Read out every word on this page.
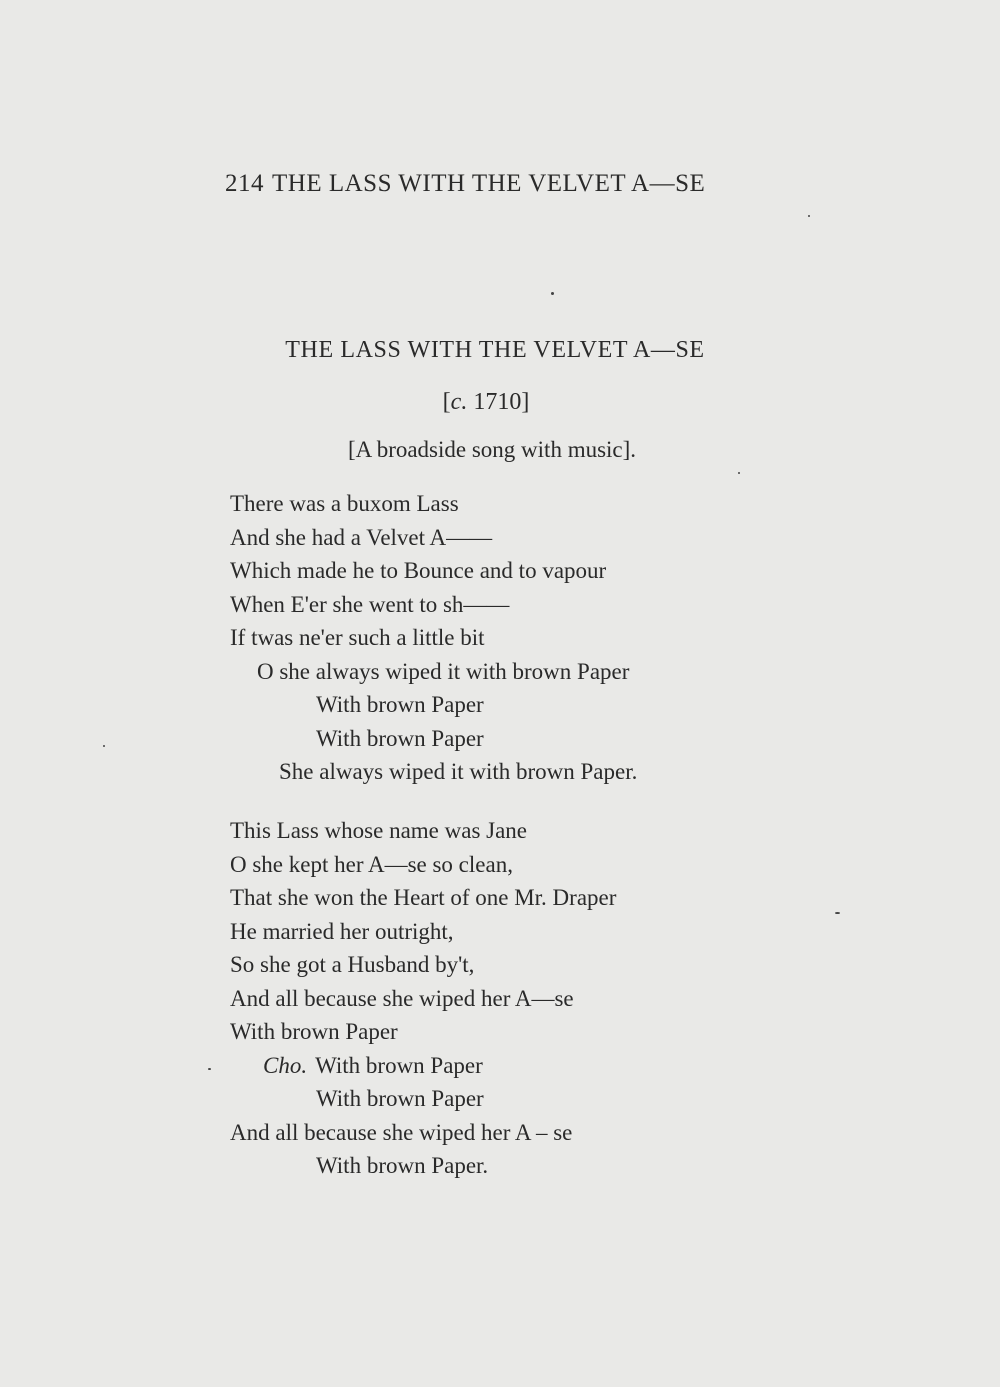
214 THE LASS WITH THE VELVET A—SE
THE LASS WITH THE VELVET A—SE
[c. 1710]
[A broadside song with music].
There was a buxom Lass
And she had a Velvet A——
Which made he to Bounce and to vapour
When E'er she went to sh——
If twas ne'er such a little bit
O she always wiped it with brown Paper
With brown Paper
With brown Paper
She always wiped it with brown Paper.
This Lass whose name was Jane
O she kept her A—se so clean,
That she won the Heart of one Mr. Draper
He married her outright,
So she got a Husband by't,
And all because she wiped her A—se
With brown Paper
Cho. With brown Paper
With brown Paper
And all because she wiped her A – se
With brown Paper.
